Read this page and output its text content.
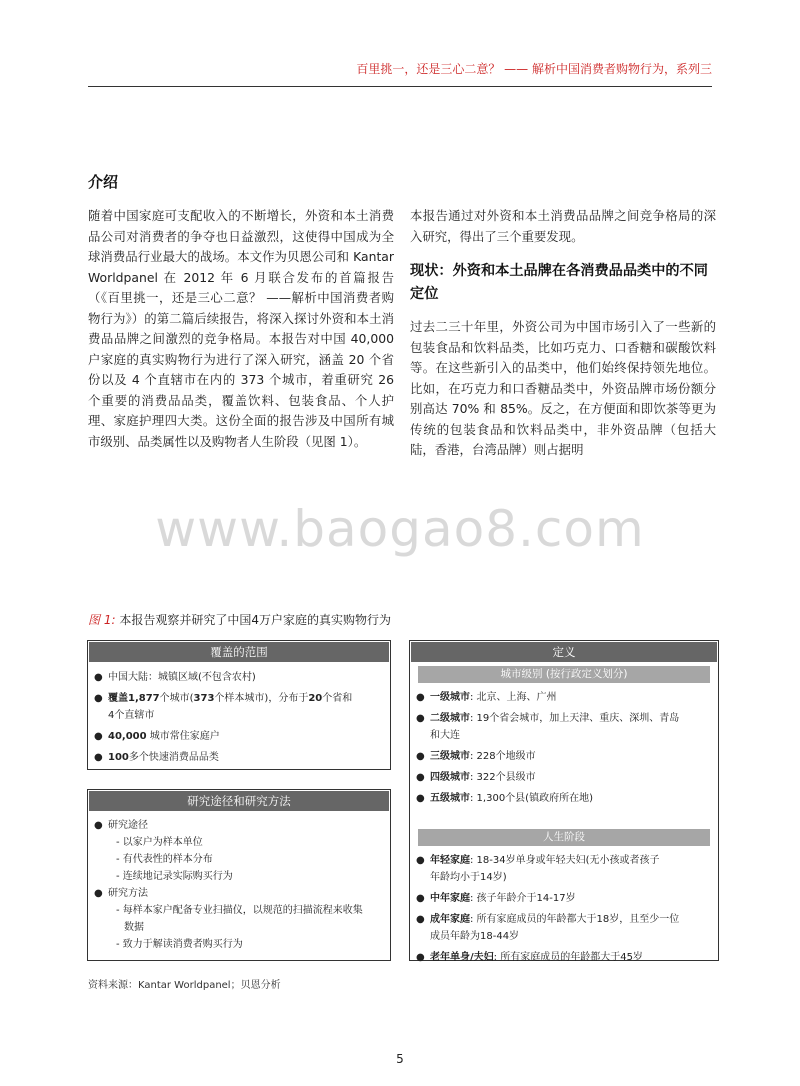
百里挑一，还是三心二意？ —— 解析中国消费者购物行为，系列三
介绍

随着中国家庭可支配收入的不断增长，外资和本土消费品公司对消费者的争夺也日益激烈，这使得中国成为全球消费品行业最大的战场。本文作为贝恩公司和 Kantar Worldpanel 在 2012 年 6 月联合发布的首篇报告（《百里挑一，还是三心二意？ ——解析中国消费者购物行为》）的第二篇后续报告，将深入探讨外资和本土消费品品牌之间激烈的竞争格局。本报告对中国 40,000 户家庭的真实购物行为进行了深入研究，涵盖 20 个省份以及 4 个直辖市在内的 373 个城市，着重研究 26 个重要的消费品品类，覆盖饮料、包装食品、个人护理、家庭护理四大类。这份全面的报告涉及中国所有城市级别、品类属性以及购物者人生阶段（见图 1）。

本报告通过对外资和本土消费品品牌之间竞争格局的深入研究，得出了三个重要发现。

现状：外资和本土品牌在各消费品品类中的不同定位

过去二三十年里，外资公司为中国市场引入了一些新的包装食品和饮料品类，比如巧克力、口香糖和碳酸饮料等。在这些新引入的品类中，他们始终保持领先地位。比如，在巧克力和口香糖品类中，外资品牌市场份额分别高达 70% 和 85%。反之，在方便面和即饮茶等更为传统的包装食品和饮料品类中，非外资品牌（包括大陆，香港，台湾品牌）则占据明

www.baogao8.com
图 1: 本报告观察并研究了中国4万户家庭的真实购物行为
覆盖的范围
● 中国大陆：城镇区域(不包含农村)
● 覆盖1,877个城市(373个样本城市)，分布于20个省和
4个直辖市
● 40,000 城市常住家庭户
● 100多个快速消费品品类
研究途径和研究方法
● 研究途径
- 以家户为样本单位
- 有代表性的样本分布
- 连续地记录实际购买行为
● 研究方法
- 每样本家户配备专业扫描仪，以规范的扫描流程来收集
数据
- 致力于解读消费者购买行为
定义
城市级别 (按行政定义划分)
● 一级城市: 北京、上海、广州
● 二级城市: 19个省会城市，加上天津、重庆、深圳、青岛
和大连
● 三级城市: 228个地级市
● 四级城市: 322个县级市
● 五级城市: 1,300个县(镇政府所在地)
人生阶段
● 年轻家庭: 18-34岁单身或年轻夫妇(无小孩或者孩子
年龄均小于14岁)
● 中年家庭: 孩子年龄介于14-17岁
● 成年家庭: 所有家庭成员的年龄都大于18岁，且至少一位
成员年龄为18-44岁
● 老年单身/夫妇: 所有家庭成员的年龄都大于45岁
资料来源：Kantar Worldpanel；贝恩分析
5
